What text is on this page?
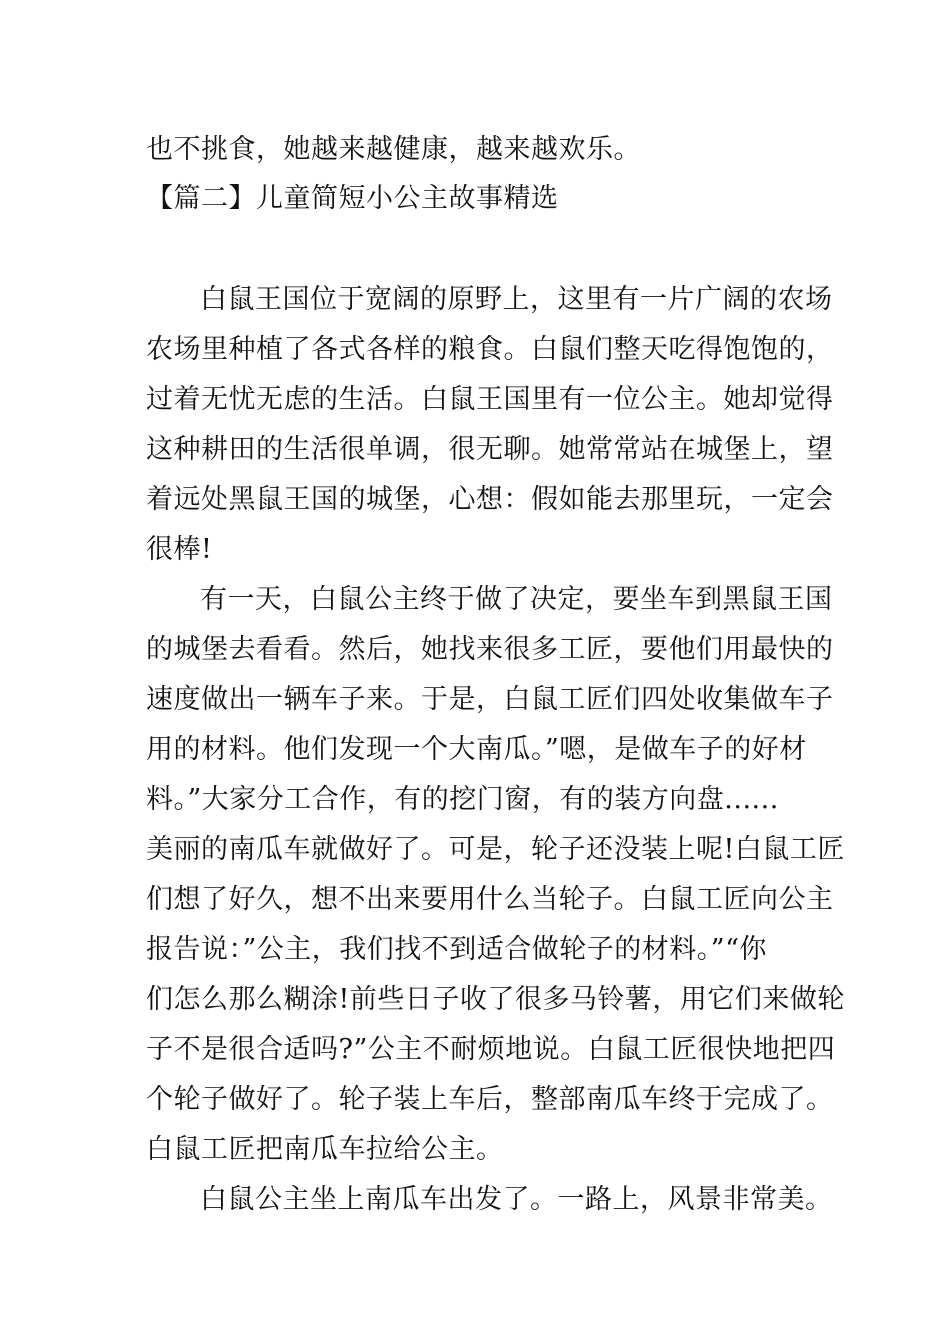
也不挑食，她越来越健康，越来越欢乐。
【篇二】儿童简短小公主故事精选
白鼠王国位于宽阔的原野上，这里有一片广阔的农场
农场里种植了各式各样的粮食。白鼠们整天吃得饱饱的，
过着无忧无虑的生活。白鼠王国里有一位公主。她却觉得
这种耕田的生活很单调，很无聊。她常常站在城堡上，望
着远处黑鼠王国的城堡，心想：假如能去那里玩，一定会
很棒!
有一天，白鼠公主终于做了决定，要坐车到黑鼠王国
的城堡去看看。然后，她找来很多工匠，要他们用最快的
速度做出一辆车子来。于是，白鼠工匠们四处收集做车子
用的材料。他们发现一个大南瓜。”嗯，是做车子的好材
料。”大家分工合作，有的挖门窗，有的装方向盘......
美丽的南瓜车就做好了。可是，轮子还没装上呢!白鼠工匠
们想了好久，想不出来要用什么当轮子。白鼠工匠向公主
报告说：”公主，我们找不到适合做轮子的材料。”“你
们怎么那么糊涂!前些日子收了很多马铃薯，用它们来做轮
子不是很合适吗?”公主不耐烦地说。白鼠工匠很快地把四
个轮子做好了。轮子装上车后，整部南瓜车终于完成了。
白鼠工匠把南瓜车拉给公主。
白鼠公主坐上南瓜车出发了。一路上，风景非常美。
